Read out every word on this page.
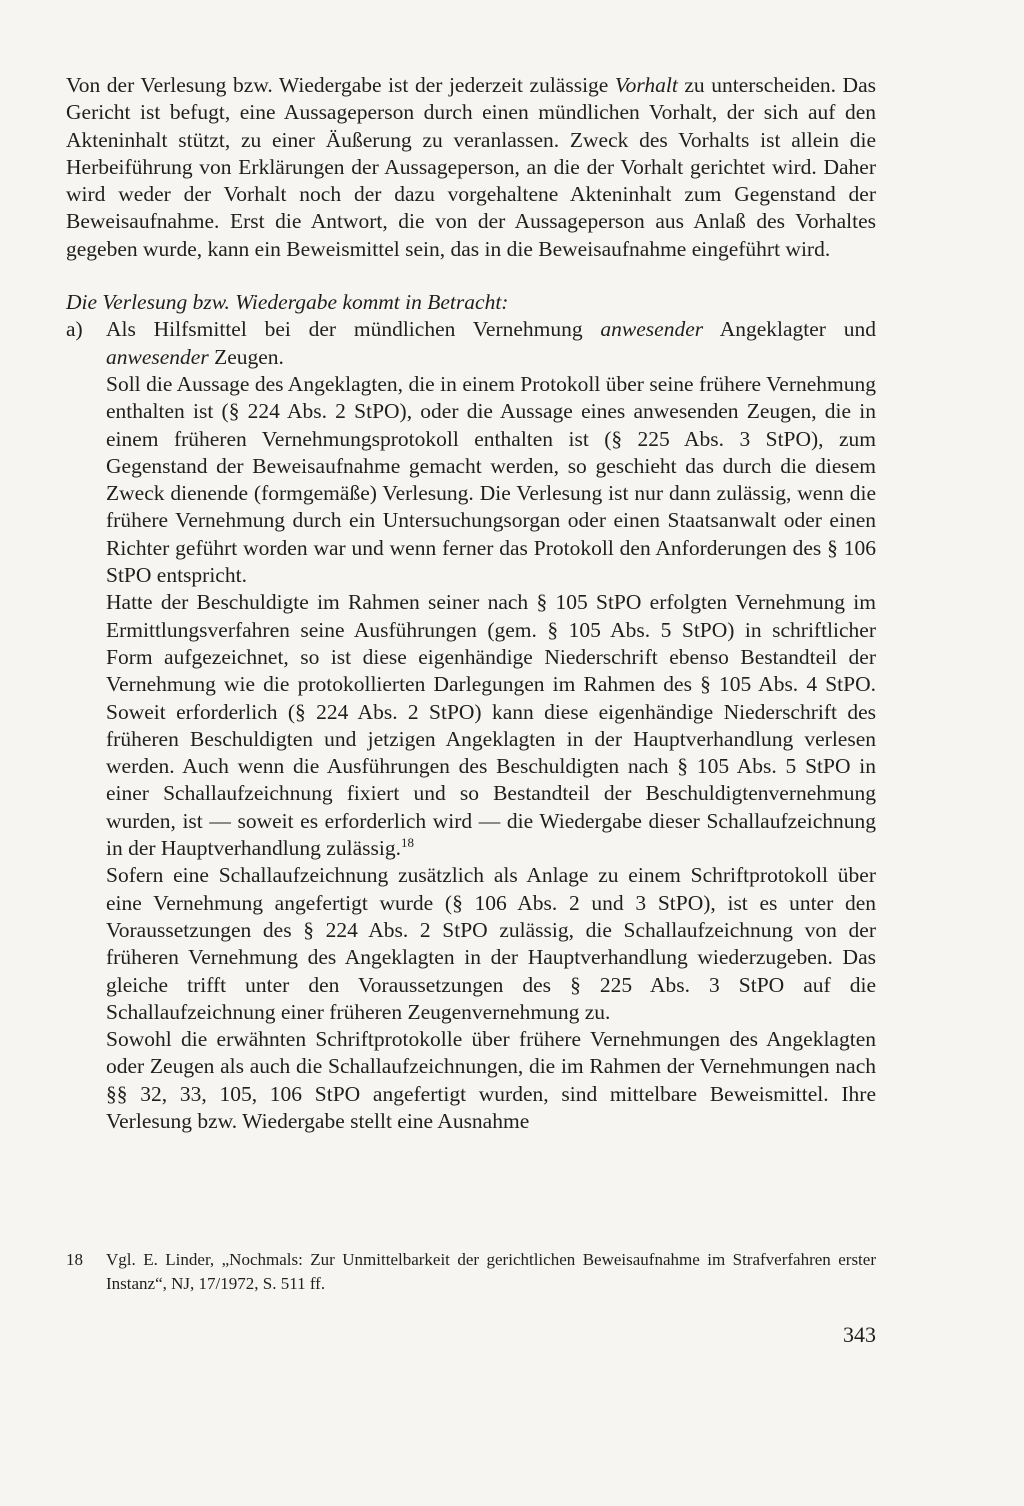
Von der Verlesung bzw. Wiedergabe ist der jederzeit zulässige Vorhalt zu unterscheiden. Das Gericht ist befugt, eine Aussageperson durch einen mündlichen Vorhalt, der sich auf den Akteninhalt stützt, zu einer Äußerung zu veranlassen. Zweck des Vorhalts ist allein die Herbeiführung von Erklärungen der Aussageperson, an die der Vorhalt gerichtet wird. Daher wird weder der Vorhalt noch der dazu vorgehaltene Akteninhalt zum Gegenstand der Beweisaufnahme. Erst die Antwort, die von der Aussageperson aus Anlaß des Vorhaltes gegeben wurde, kann ein Beweismittel sein, das in die Beweisaufnahme eingeführt wird.

Die Verlesung bzw. Wiedergabe kommt in Betracht:

a) Als Hilfsmittel bei der mündlichen Vernehmung anwesender Angeklagter und anwesender Zeugen.

Soll die Aussage des Angeklagten, die in einem Protokoll über seine frühere Vernehmung enthalten ist (§ 224 Abs. 2 StPO), oder die Aussage eines anwesenden Zeugen, die in einem früheren Vernehmungsprotokoll enthalten ist (§ 225 Abs. 3 StPO), zum Gegenstand der Beweisaufnahme gemacht werden, so geschieht das durch die diesem Zweck dienende (formgemäße) Verlesung. Die Verlesung ist nur dann zulässig, wenn die frühere Vernehmung durch ein Untersuchungsorgan oder einen Staatsanwalt oder einen Richter geführt worden war und wenn ferner das Protokoll den Anforderungen des § 106 StPO entspricht.

Hatte der Beschuldigte im Rahmen seiner nach § 105 StPO erfolgten Vernehmung im Ermittlungsverfahren seine Ausführungen (gem. § 105 Abs. 5 StPO) in schriftlicher Form aufgezeichnet, so ist diese eigenhändige Niederschrift ebenso Bestandteil der Vernehmung wie die protokollierten Darlegungen im Rahmen des § 105 Abs. 4 StPO. Soweit erforderlich (§ 224 Abs. 2 StPO) kann diese eigenhändige Niederschrift des früheren Beschuldigten und jetzigen Angeklagten in der Hauptverhandlung verlesen werden. Auch wenn die Ausführungen des Beschuldigten nach § 105 Abs. 5 StPO in einer Schallaufzeichnung fixiert und so Bestandteil der Beschuldigtenvernehmung wurden, ist — soweit es erforderlich wird — die Wiedergabe dieser Schallaufzeichnung in der Hauptverhandlung zulässig.$^{18}$

Sofern eine Schallaufzeichnung zusätzlich als Anlage zu einem Schriftprotokoll über eine Vernehmung angefertigt wurde (§ 106 Abs. 2 und 3 StPO), ist es unter den Voraussetzungen des § 224 Abs. 2 StPO zulässig, die Schallaufzeichnung von der früheren Vernehmung des Angeklagten in der Hauptverhandlung wiederzugeben. Das gleiche trifft unter den Voraussetzungen des § 225 Abs. 3 StPO auf die Schallaufzeichnung einer früheren Zeugenvernehmung zu.

Sowohl die erwähnten Schriftprotokolle über frühere Vernehmungen des Angeklagten oder Zeugen als auch die Schallaufzeichnungen, die im Rahmen der Vernehmungen nach §§ 32, 33, 105, 106 StPO angefertigt wurden, sind mittelbare Beweismittel. Ihre Verlesung bzw. Wiedergabe stellt eine Ausnahme

18 Vgl. E. Linder, „Nochmals: Zur Unmittelbarkeit der gerichtlichen Beweisaufnahme im Strafverfahren erster Instanz“, NJ, 17/1972, S. 511 ff.
343
